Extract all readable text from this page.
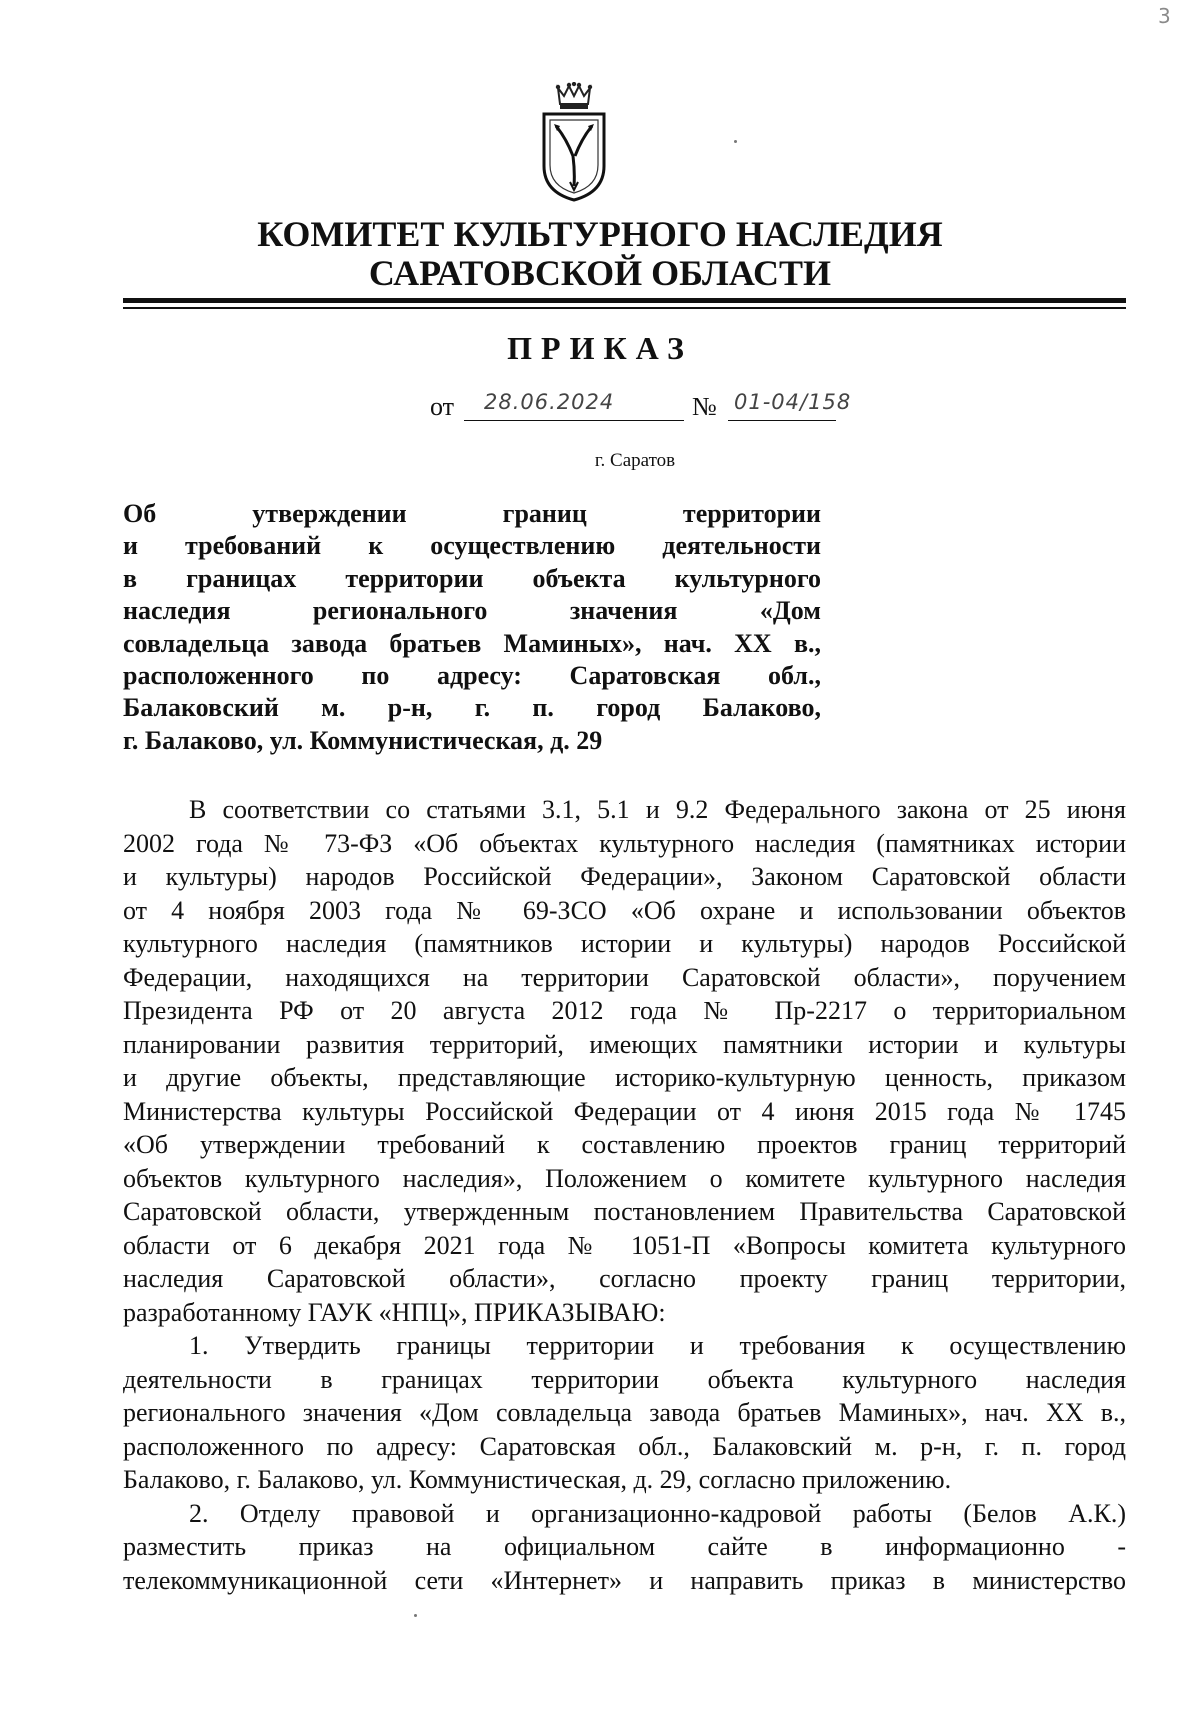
3
КОМИТЕТ КУЛЬТУРНОГО НАСЛЕДИЯ
САРАТОВСКОЙ ОБЛАСТИ
ПРИКАЗ
от 28.06.2024	№ 01-04/158
г. Саратов
Об утверждении границ территории
и требований к осуществлению деятельности
в границах территории объекта культурного
наследия регионального значения «Дом
совладельца завода братьев Маминых», нач. XX в.,
расположенного по адресу: Саратовская обл.,
Балаковский м. р-н, г. п. город Балаково,
г. Балаково, ул. Коммунистическая, д. 29
В соответствии со статьями 3.1, 5.1 и 9.2 Федерального закона от 25 июня
2002 года № 73-ФЗ «Об объектах культурного наследия (памятниках истории
и культуры) народов Российской Федерации», Законом Саратовской области
от 4 ноября 2003 года № 69-ЗСО «Об охране и использовании объектов
культурного наследия (памятников истории и культуры) народов Российской
Федерации, находящихся на территории Саратовской области», поручением
Президента РФ от 20 августа 2012 года № Пр-2217 о территориальном
планировании развития территорий, имеющих памятники истории и культуры
и другие объекты, представляющие историко-культурную ценность, приказом
Министерства культуры Российской Федерации от 4 июня 2015 года № 1745
«Об утверждении требований к составлению проектов границ территорий
объектов культурного наследия», Положением о комитете культурного наследия
Саратовской области, утвержденным постановлением Правительства Саратовской
области от 6 декабря 2021 года № 1051-П «Вопросы комитета культурного
наследия Саратовской области», согласно проекту границ территории,
разработанному ГАУК «НПЦ», ПРИКАЗЫВАЮ:
1. Утвердить границы территории и требования к осуществлению
деятельности в границах территории объекта культурного наследия
регионального значения «Дом совладельца завода братьев Маминых», нач. XX в.,
расположенного по адресу: Саратовская обл., Балаковский м. р-н, г. п. город
Балаково, г. Балаково, ул. Коммунистическая, д. 29, согласно приложению.
2. Отделу правовой и организационно-кадровой работы (Белов А.К.)
разместить приказ на официальном сайте в информационно -
телекоммуникационной сети «Интернет» и направить приказ в министерство
